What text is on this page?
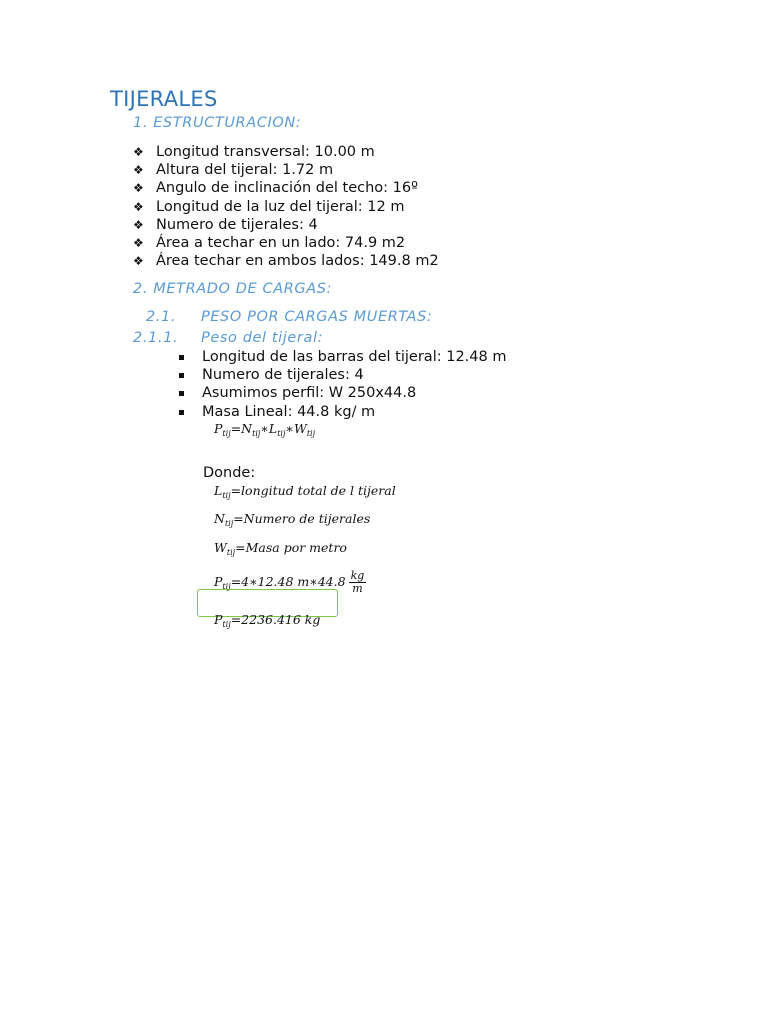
TIJERALES
1. ESTRUCTURACION:
❖ Longitud transversal: 10.00 m
❖ Altura del tijeral: 1.72 m
❖ Angulo de inclinación del techo: 16º
❖ Longitud de la luz del tijeral: 12 m
❖ Numero de tijerales: 4
❖ Área a techar en un lado: 74.9 m2
❖ Área techar en ambos lados: 149.8 m2
2. METRADO DE CARGAS:
2.1. PESO POR CARGAS MUERTAS:
2.1.1. Peso del tijeral:
Longitud de las barras del tijeral: 12.48 m
Numero de tijerales: 4
Asumimos perfil: W 250x44.8
Masa Lineal: 44.8 kg/ m
$P_{tij}=N_{tij}∗L_{tij}∗W_{tij}$
Donde:
$L_{tij}=longitud$ total de l tijeral
$N_{tij}=Numero$ de tijerales
$W_{tij}=Masa$ por metro
$P_{tij}=4∗12.48$ m∗44.8 $\frac{kg}{m}$
$P_{tij}=2236.416$ kg
